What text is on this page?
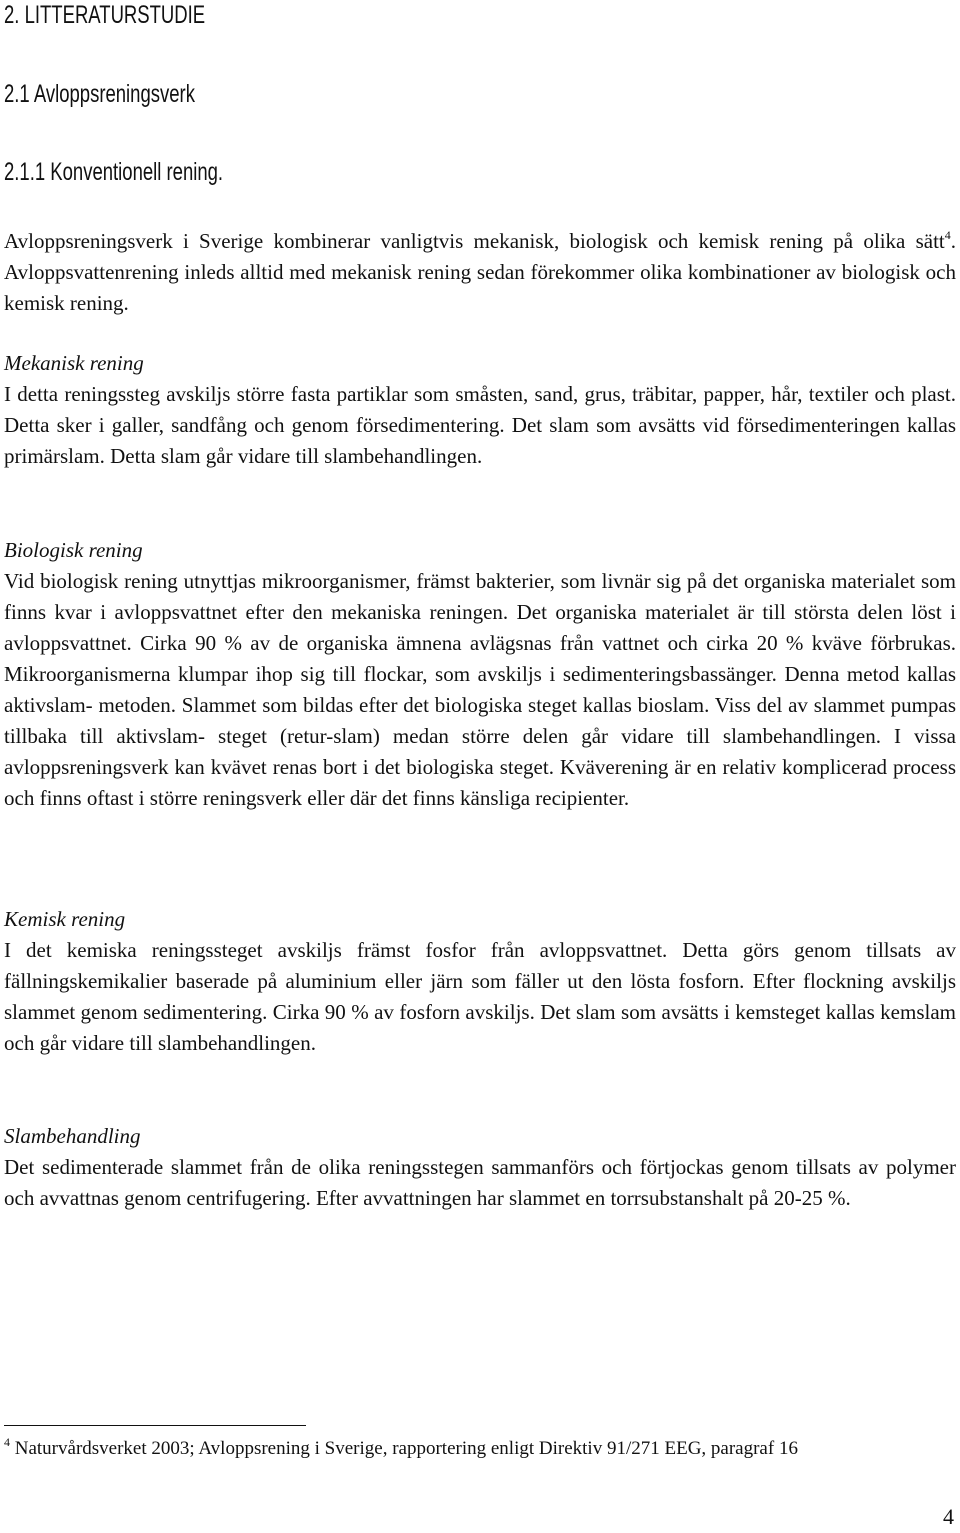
2. LITTERATURSTUDIE
2.1 Avloppsreningsverk
2.1.1 Konventionell rening.

Avloppsreningsverk i Sverige kombinerar vanligtvis mekanisk, biologisk och kemisk rening på olika sätt$^4$. Avloppsvattenrening inleds alltid med mekanisk rening sedan förekommer olika kombinationer av biologisk och kemisk rening.

Mekanisk rening

I detta reningssteg avskiljs större fasta partiklar som småsten, sand, grus, träbitar, papper, hår, textiler och plast. Detta sker i galler, sandfång och genom försedimentering. Det slam som avsätts vid försedimenteringen kallas primärslam. Detta slam går vidare till slambehandlingen.

Biologisk rening

Vid biologisk rening utnyttjas mikroorganismer, främst bakterier, som livnär sig på det organiska materialet som finns kvar i avloppsvattnet efter den mekaniska reningen. Det organiska materialet är till största delen löst i avloppsvattnet. Cirka 90 % av de organiska ämnena avlägsnas från vattnet och cirka 20 % kväve förbrukas. Mikroorganismerna klumpar ihop sig till flockar, som avskiljs i sedimenteringsbassänger. Denna metod kallas aktivslam- metoden. Slammet som bildas efter det biologiska steget kallas bioslam. Viss del av slammet pumpas tillbaka till aktivslam- steget (retur-slam) medan större delen går vidare till slambehandlingen. I vissa avloppsreningsverk kan kvävet renas bort i det biologiska steget. Kväverening är en relativ komplicerad process och finns oftast i större reningsverk eller där det finns känsliga recipienter.

Kemisk rening

I det kemiska reningssteget avskiljs främst fosfor från avloppsvattnet. Detta görs genom tillsats av fällningskemikalier baserade på aluminium eller järn som fäller ut den lösta fosforn. Efter flockning avskiljs slammet genom sedimentering. Cirka 90 % av fosforn avskiljs. Det slam som avsätts i kemsteget kallas kemslam och går vidare till slambehandlingen.

Slambehandling

Det sedimenterade slammet från de olika reningsstegen sammanförs och förtjockas genom tillsats av polymer och avvattnas genom centrifugering. Efter avvattningen har slammet en torrsubstanshalt på 20-25 %.

$^4$ Naturvårdsverket 2003; Avloppsrening i Sverige, rapportering enligt Direktiv 91/271 EEG, paragraf 16

4
